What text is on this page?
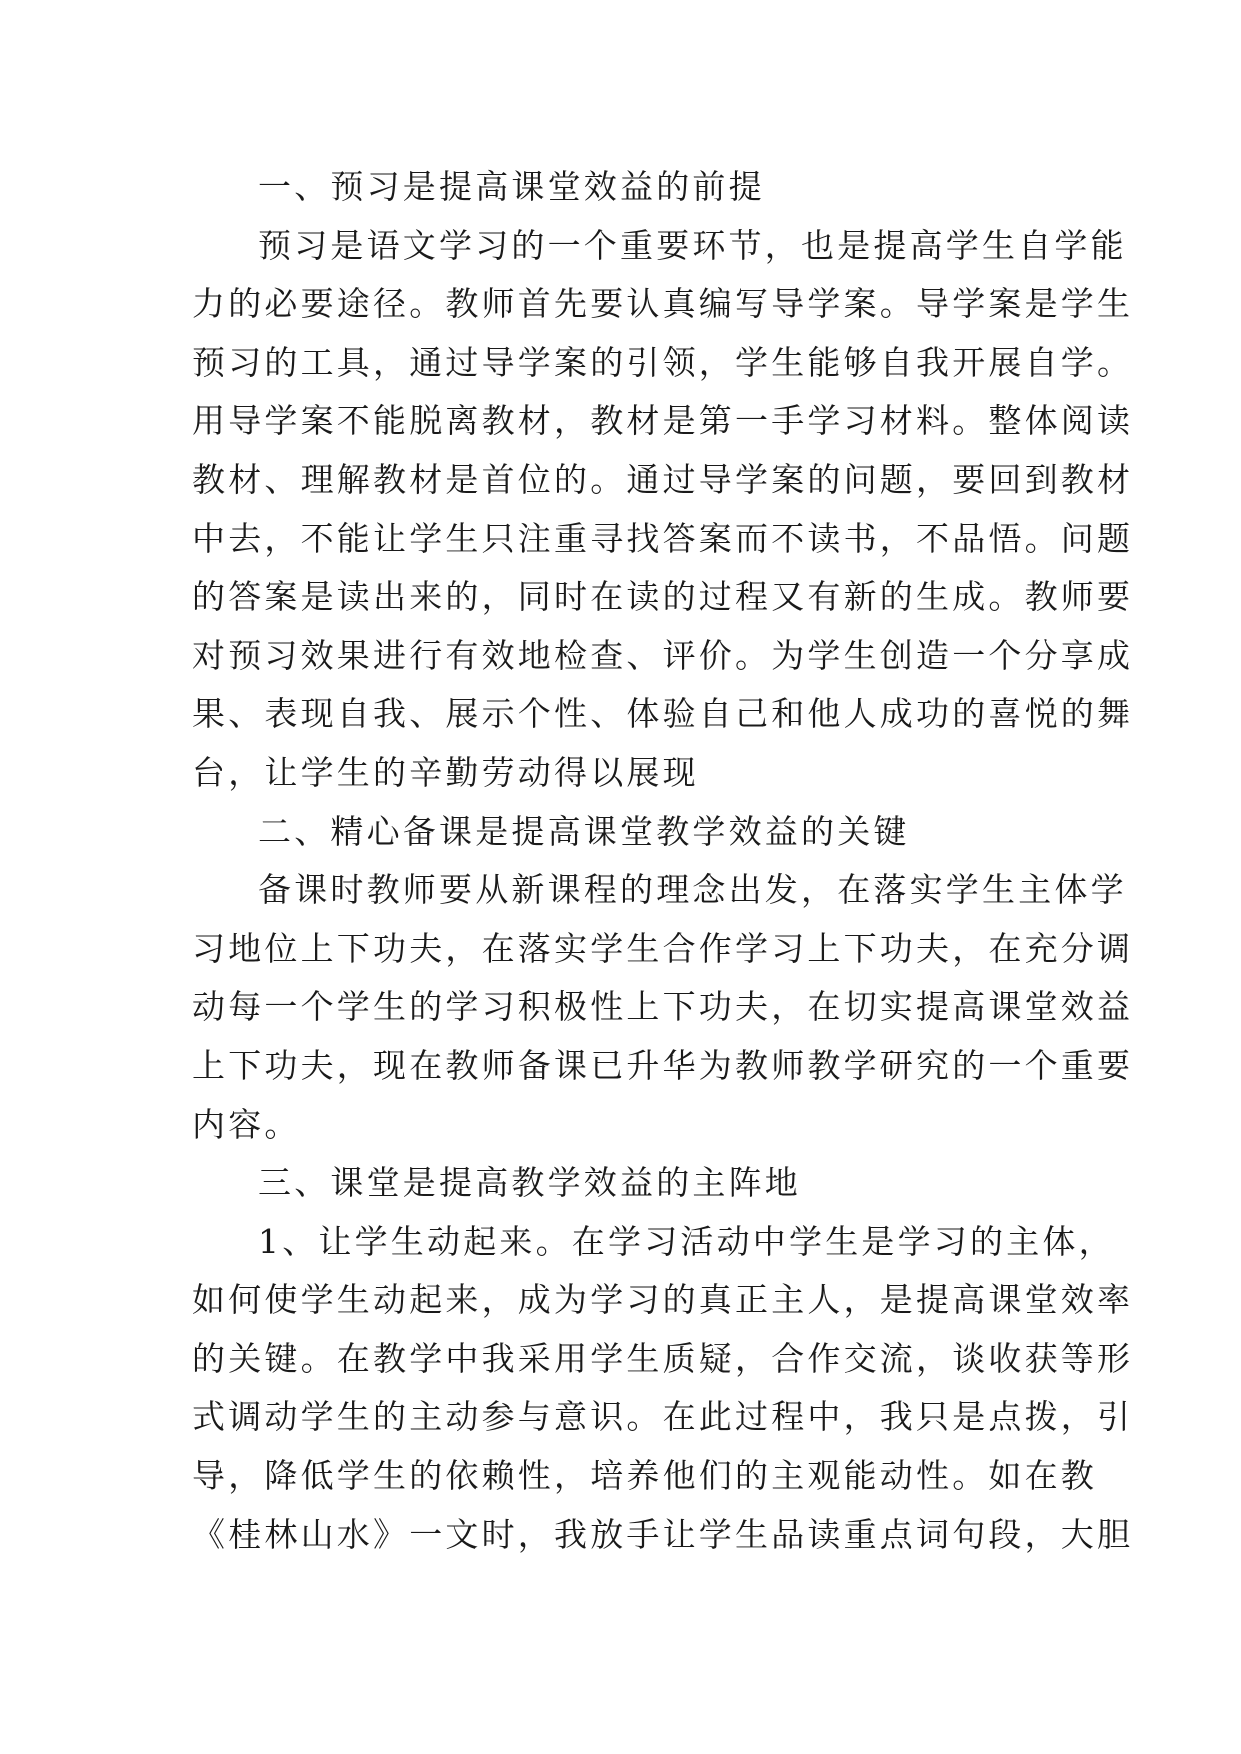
一、预习是提高课堂效益的前提
预习是语文学习的一个重要环节，也是提高学生自学能
力的必要途径。教师首先要认真编写导学案。导学案是学生
预习的工具，通过导学案的引领，学生能够自我开展自学。
用导学案不能脱离教材，教材是第一手学习材料。整体阅读
教材、理解教材是首位的。通过导学案的问题，要回到教材
中去，不能让学生只注重寻找答案而不读书，不品悟。问题
的答案是读出来的，同时在读的过程又有新的生成。教师要
对预习效果进行有效地检查、评价。为学生创造一个分享成
果、表现自我、展示个性、体验自己和他人成功的喜悦的舞
台，让学生的辛勤劳动得以展现
二、精心备课是提高课堂教学效益的关键
备课时教师要从新课程的理念出发，在落实学生主体学
习地位上下功夫，在落实学生合作学习上下功夫，在充分调
动每一个学生的学习积极性上下功夫，在切实提高课堂效益
上下功夫，现在教师备课已升华为教师教学研究的一个重要
内容。
三、课堂是提高教学效益的主阵地
1、让学生动起来。在学习活动中学生是学习的主体，
如何使学生动起来，成为学习的真正主人，是提高课堂效率
的关键。在教学中我采用学生质疑，合作交流，谈收获等形
式调动学生的主动参与意识。在此过程中，我只是点拨，引
导，降低学生的依赖性，培养他们的主观能动性。如在教
《桂林山水》一文时，我放手让学生品读重点词句段，大胆
